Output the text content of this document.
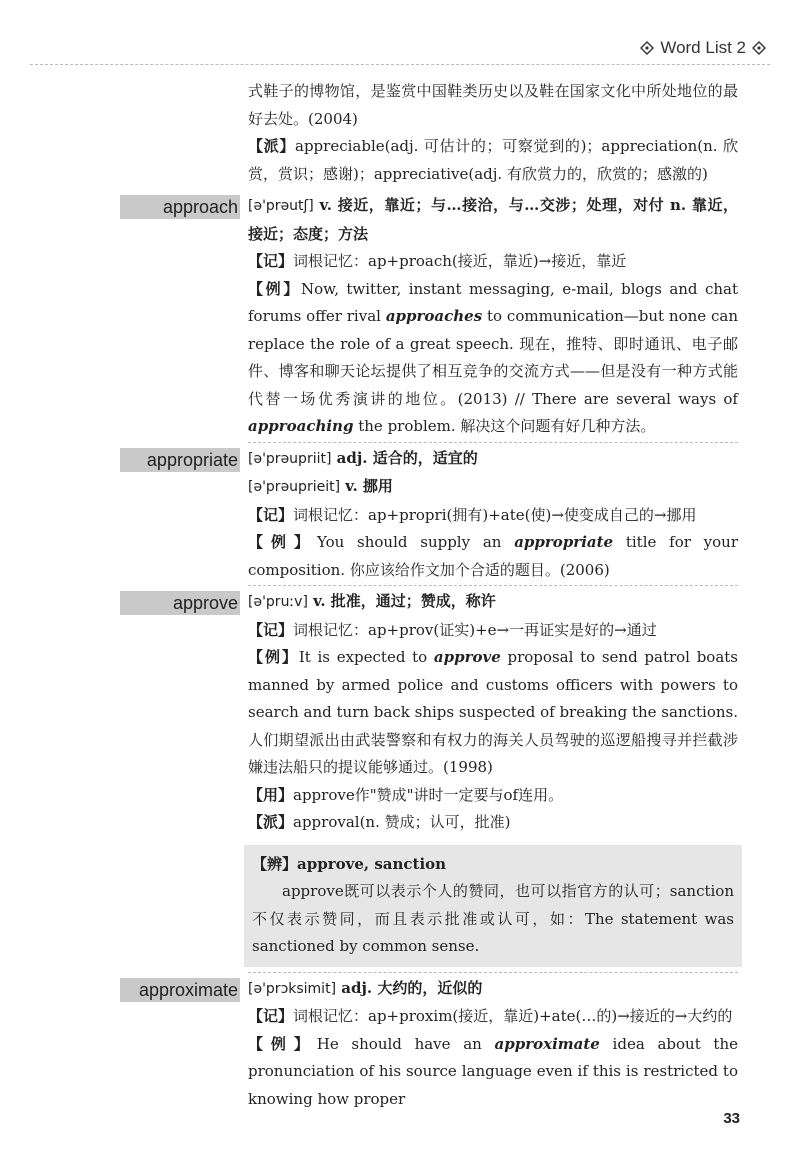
Word List 2
式鞋子的博物馆，是鉴赏中国鞋类历史以及鞋在国家文化中所处地位的最好去处。(2004)
【派】appreciable(adj. 可估计的；可察觉到的)；appreciation(n. 欣赏，赏识；感谢)；appreciative(adj. 有欣赏力的，欣赏的；感激的)
approach [ə'prəutʃ] v. 接近，靠近；与…接洽，与…交涉；处理，对付 n. 靠近，接近；态度；方法
【记】词根记忆：ap+proach(接近，靠近)→接近，靠近
【例】Now, twitter, instant messaging, e-mail, blogs and chat forums offer rival approaches to communication—but none can replace the role of a great speech. 现在，推特、即时通讯、电子邮件、博客和聊天论坛提供了相互竞争的交流方式——但是没有一种方式能代替一场优秀演讲的地位。(2013) // There are several ways of approaching the problem. 解决这个问题有好几种方法。
appropriate [ə'prəupriit] adj. 适合的，适宜的
[ə'prəuprieit] v. 挪用
【记】词根记忆：ap+propri(拥有)+ate(使)→使变成自己的→挪用
【例】You should supply an appropriate title for your composition. 你应该给作文加个合适的题目。(2006)
approve [ə'pruːv] v. 批准，通过；赞成，称许
【记】词根记忆：ap+prov(证实)+e→一再证实是好的→通过
【例】It is expected to approve proposal to send patrol boats manned by armed police and customs officers with powers to search and turn back ships suspected of breaking the sanctions. 人们期望派出由武装警察和有权力的海关人员驾驶的巡逻船搜寻并拦截涉嫌违法船只的提议能够通过。(1998)
【用】approve作"赞成"讲时一定要与of连用。
【派】approval(n. 赞成；认可，批准)
【辨】approve, sanction
approve既可以表示个人的赞同，也可以指官方的认可；sanction不仅表示赞同，而且表示批准或认可，如：The statement was sanctioned by common sense.
approximate [ə'prɔksimit] adj. 大约的，近似的
【记】词根记忆：ap+proxim(接近，靠近)+ate(…的)→接近的→大约的
【例】He should have an approximate idea about the pronunciation of his source language even if this is restricted to knowing how proper
33
